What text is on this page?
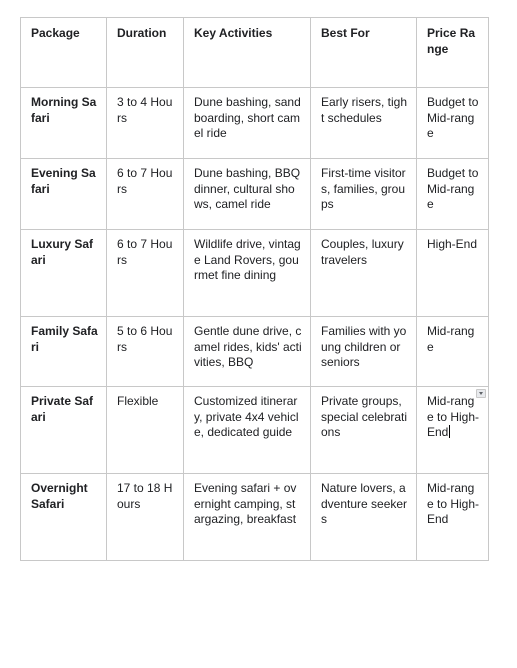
Package	Duration	Key Activities	Best For	Price Range
Morning Safari	3 to 4 Hours	Dune bashing, sandboarding, short camel ride	Early risers, tight schedules	Budget to Mid-range
Evening Safari	6 to 7 Hours	Dune bashing, BBQ dinner, cultural shows, camel ride	First-time visitors, families, groups	Budget to Mid-range
Luxury Safari	6 to 7 Hours	Wildlife drive, vintage Land Rovers, gourmet fine dining	Couples, luxury travelers	High-End
Family Safari	5 to 6 Hours	Gentle dune drive, camel rides, kids' activities, BBQ	Families with young children or seniors	Mid-range
Private Safari	Flexible	Customized itinerary, private 4x4 vehicle, dedicated guide	Private groups, special celebrations	Mid-range to High-End

Overnight Safari	17 to 18 Hours	Evening safari + overnight camping, stargazing, breakfast	Nature lovers, adventure seekers	Mid-range to High-End
